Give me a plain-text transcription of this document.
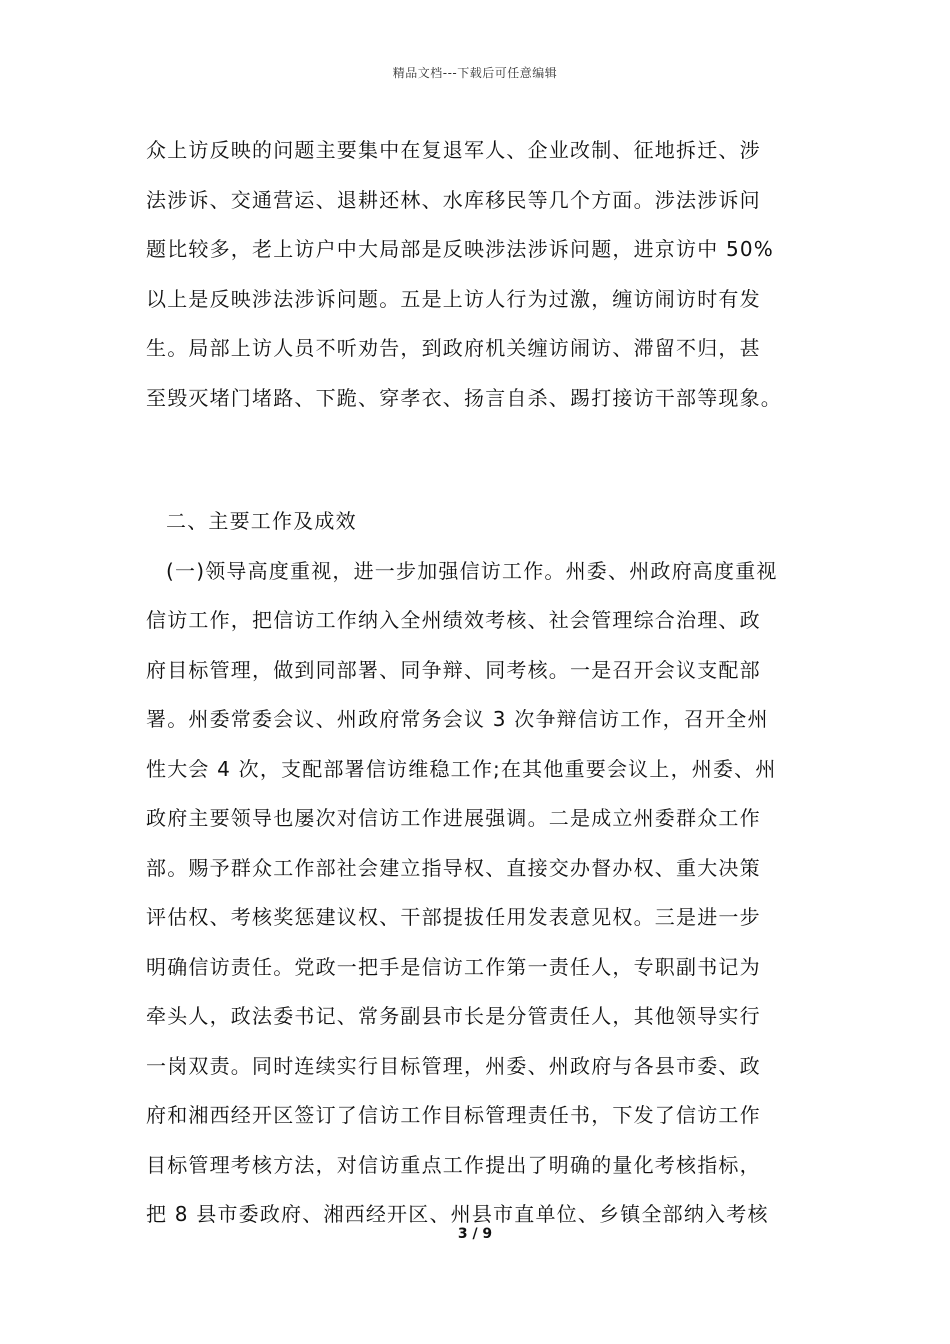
精品文档---下载后可任意编辑
众上访反映的问题主要集中在复退军人、企业改制、征地拆迁、涉
法涉诉、交通营运、退耕还林、水库移民等几个方面。涉法涉诉问
题比较多，老上访户中大局部是反映涉法涉诉问题，进京访中 50%
以上是反映涉法涉诉问题。五是上访人行为过激，缠访闹访时有发
生。局部上访人员不听劝告，到政府机关缠访闹访、滞留不归，甚
至毁灭堵门堵路、下跪、穿孝衣、扬言自杀、踢打接访干部等现象。
二、主要工作及成效
(一)领导高度重视，进一步加强信访工作。州委、州政府高度重视
信访工作，把信访工作纳入全州绩效考核、社会管理综合治理、政
府目标管理，做到同部署、同争辩、同考核。一是召开会议支配部
署。州委常委会议、州政府常务会议 3 次争辩信访工作，召开全州
性大会 4 次，支配部署信访维稳工作;在其他重要会议上，州委、州
政府主要领导也屡次对信访工作进展强调。二是成立州委群众工作
部。赐予群众工作部社会建立指导权、直接交办督办权、重大决策
评估权、考核奖惩建议权、干部提拔任用发表意见权。三是进一步
明确信访责任。党政一把手是信访工作第一责任人，专职副书记为
牵头人，政法委书记、常务副县市长是分管责任人，其他领导实行
一岗双责。同时连续实行目标管理，州委、州政府与各县市委、政
府和湘西经开区签订了信访工作目标管理责任书，下发了信访工作
目标管理考核方法，对信访重点工作提出了明确的量化考核指标，
把 8 县市委政府、湘西经开区、州县市直单位、乡镇全部纳入考核
3 / 9
